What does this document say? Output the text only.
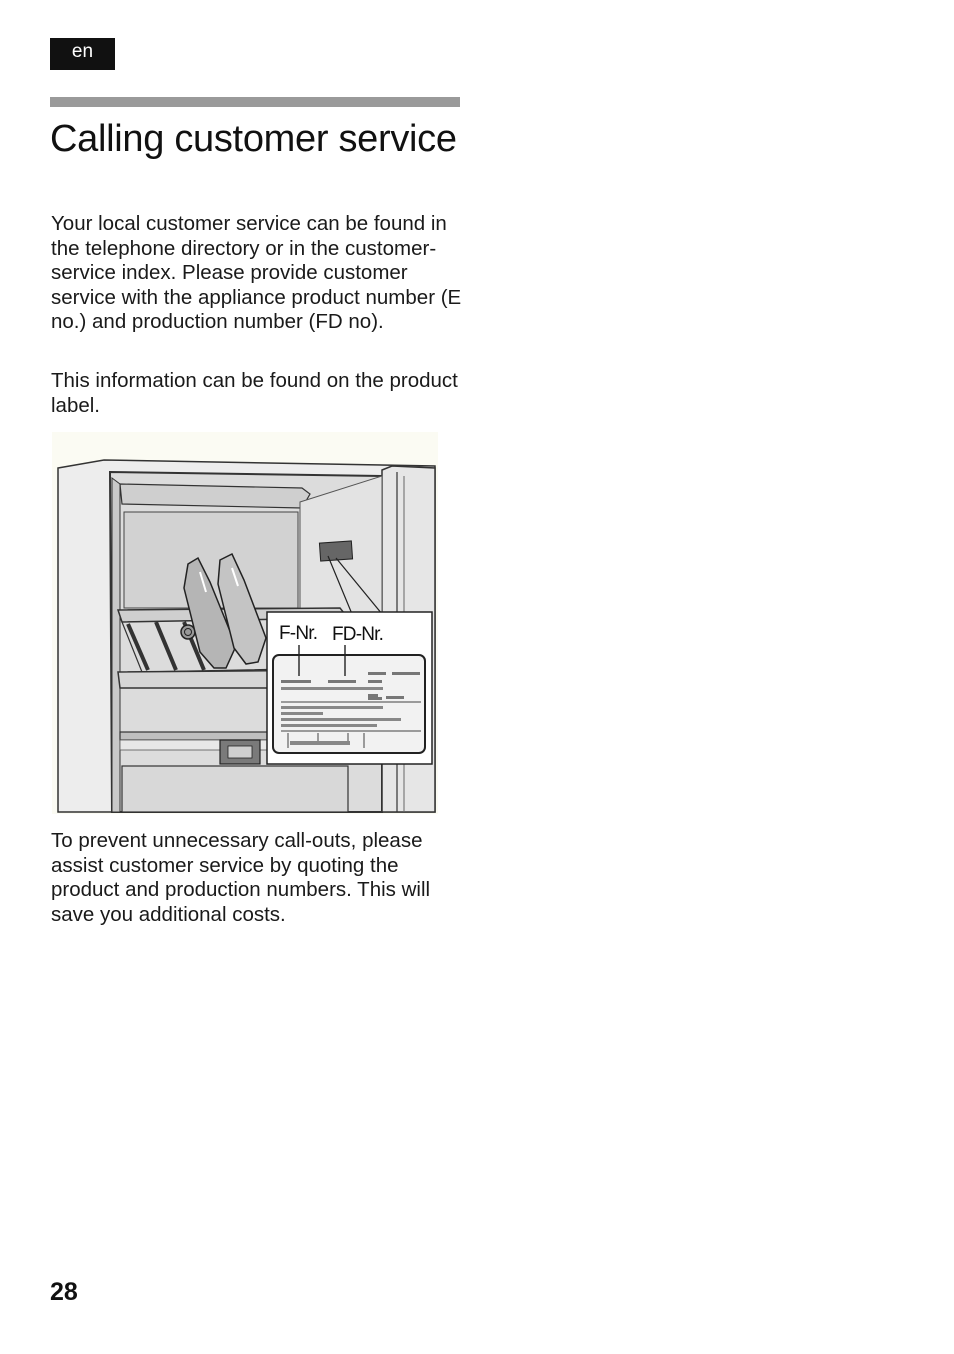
en
Calling customer service

Your local customer service can be found in the telephone directory or in the customer-service index. Please provide customer service with the appliance product number (E no.) and production number (FD no).

This information can be found on the product label.

F-Nr. FD-Nr.

To prevent unnecessary call-outs, please assist customer service by quoting the product and production numbers. This will save you additional costs.

28
